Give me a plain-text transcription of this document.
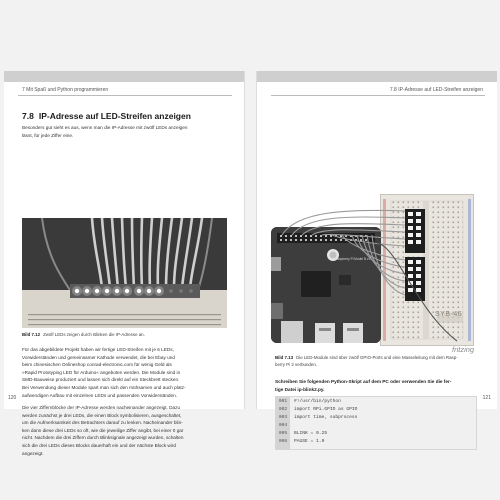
7 Mit Spaß und Python programmieren
7.8 IP-Adresse auf LED-Streifen anzeigen

Besonders gut sieht es aus, wenn man die IP-Adresse mit zwölf LEDs anzeigen
lässt, für jede Ziffer eine.

Bild 7.12 Zwölf LEDs zeigen durch Blinken die IP-Adresse an.

Für das abgebildete Projekt haben wir fertige LED-Streifen mit je 6 LEDs,
Vorwiderständen und gemeinsamer Kathode verwendet, die bei Ebay und
beim chinesischen Onlineshop conrad-electronic.com für wenig Geld als
»Rapid Prototyping LED für Arduino« angeboten werden. Die Module sind in
SMD-Bauweise produziert und lassen sich direkt auf ein Steckbrett stecken.
Bei Verwendung dieser Module spart man sich den mühsamen und auch platz-
aufwendigen Aufbau mit einzelnen LEDs und passenden Vorwiderständen.

Die vier Ziffernblöcke der IP-Adresse werden nacheinander angezeigt. Dazu
werden zunächst je drei LEDs, die einen Block symbolisieren, ausgeschaltet,
um die Aufmerksamkeit des Betrachters darauf zu lenken. Nacheinander blin-
ken dann diese drei LEDs so oft, wie die jeweilige Ziffer angibt, bei einer 0 gar
nicht. Nachdem die drei Ziffern durch Blinksignale angezeigt wurden, schalten
sich die drei LEDs dieses Blocks dauerhaft ein und der nächste Block wird
angezeigt.

120
7.8 IP-Adresse auf LED-Streifen anzeigen
SYB-46
Raspberry Pi Model B v1.1
fritzing
Bild 7.13 Die LED-Module sind über zwölf GPIO-Ports und eine Masseleitung mit dem Rasp-
berry Pi 2 verbunden.

Schreiben Sie folgenden Python-Skript auf dem PC oder verwenden Sie die fer-
tige Datei ip-blink2.py.

001 #!/usr/bin/python
002 import RPi.GPIO as GPIO
003 import time, subprocess
004
005 BLINK = 0.25
006 PAUSE = 1.0
121
